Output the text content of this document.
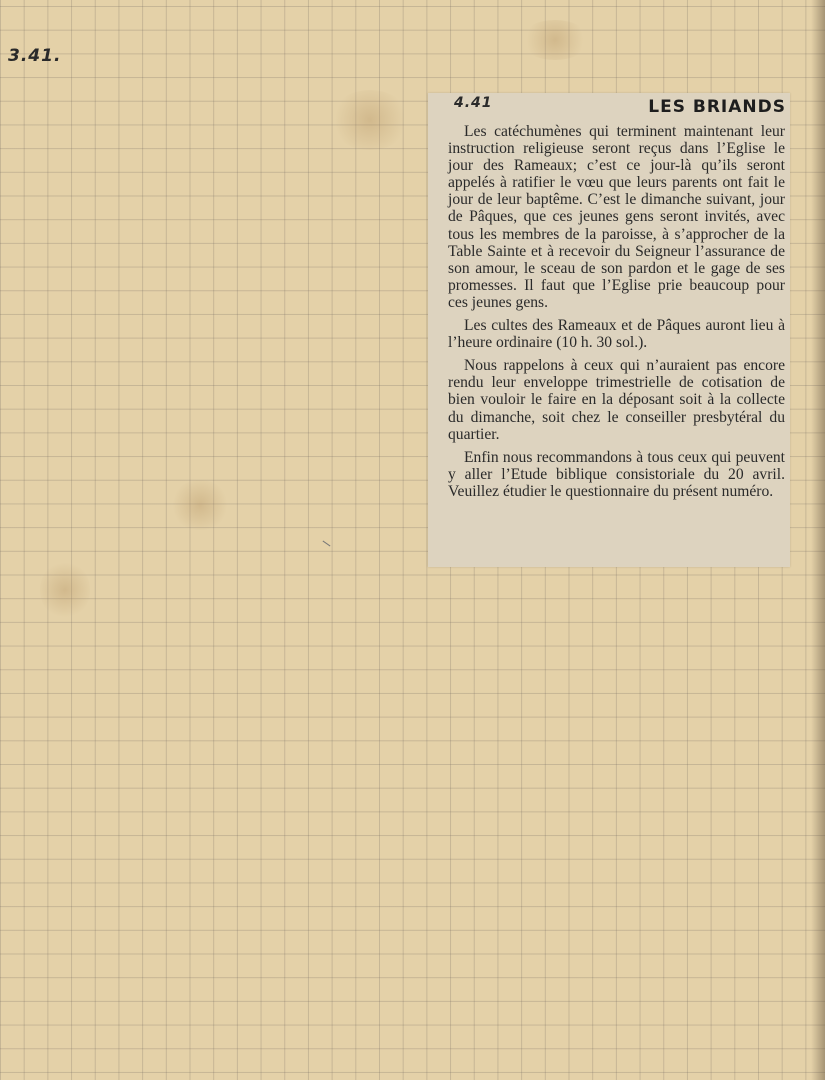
3.41.
4.41	LES BRIANDS

Les catéchumènes qui terminent maintenant leur instruction religieuse seront reçus dans l’Eglise le jour des Rameaux; c’est ce jour-là qu’ils seront appelés à ratifier le vœu que leurs parents ont fait le jour de leur baptême. C’est le dimanche suivant, jour de Pâques, que ces jeunes gens seront invités, avec tous les membres de la paroisse, à s’approcher de la Table Sainte et à recevoir du Seigneur l’assurance de son amour, le sceau de son pardon et le gage de ses promesses. Il faut que l’Eglise prie beaucoup pour ces jeunes gens.

Les cultes des Rameaux et de Pâques auront lieu à l’heure ordinaire (10 h. 30 sol.).

Nous rappelons à ceux qui n’auraient pas encore rendu leur enveloppe trimestrielle de cotisation de bien vouloir le faire en la déposant soit à la collecte du dimanche, soit chez le conseiller presbytéral du quartier.

Enfin nous recommandons à tous ceux qui peuvent y aller l’Etude biblique consistoriale du 20 avril. Veuillez étudier le questionnaire du présent numéro.
